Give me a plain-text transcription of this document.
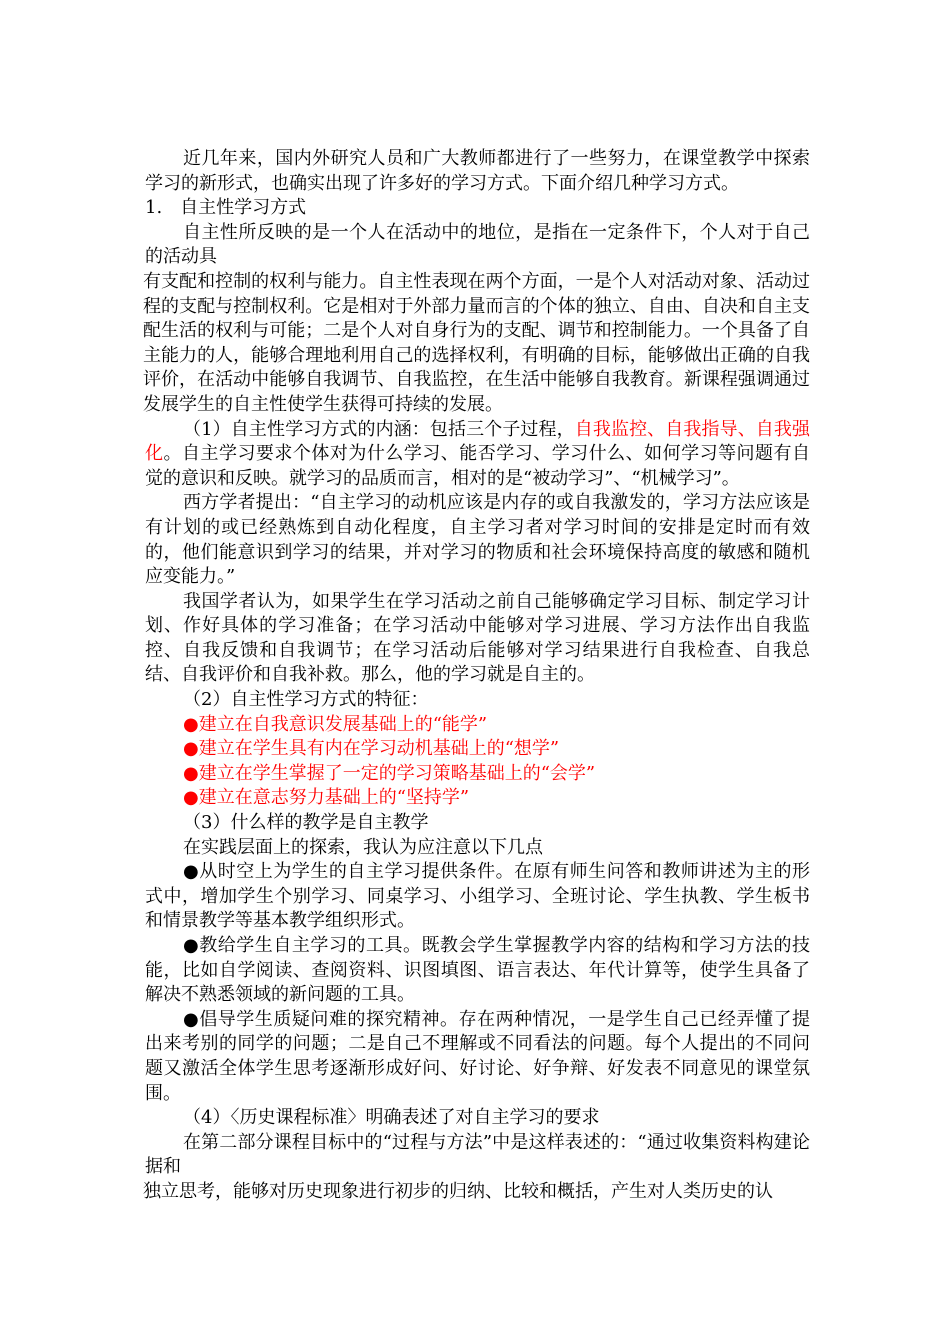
近几年来，国内外研究人员和广大教师都进行了一些努力，在课堂教学中探索学习的新形式，也确实出现了许多好的学习方式。下面介绍几种学习方式。

1.　自主性学习方式

自主性所反映的是一个人在活动中的地位，是指在一定条件下，个人对于自己的活动具

有支配和控制的权利与能力。自主性表现在两个方面，一是个人对活动对象、活动过程的支配与控制权利。它是相对于外部力量而言的个体的独立、自由、自决和自主支配生活的权利与可能；二是个人对自身行为的支配、调节和控制能力。一个具备了自主能力的人，能够合理地利用自己的选择权利，有明确的目标，能够做出正确的自我评价，在活动中能够自我调节、自我监控，在生活中能够自我教育。新课程强调通过发展学生的自主性使学生获得可持续的发展。

（1）自主性学习方式的内涵：包括三个子过程，自我监控、自我指导、自我强化。自主学习要求个体对为什么学习、能否学习、学习什么、如何学习等问题有自觉的意识和反映。就学习的品质而言，相对的是“被动学习”、“机械学习”。

西方学者提出：“自主学习的动机应该是内存的或自我激发的，学习方法应该是有计划的或已经熟炼到自动化程度，自主学习者对学习时间的安排是定时而有效的，他们能意识到学习的结果，并对学习的物质和社会环境保持高度的敏感和随机应变能力。”

我国学者认为，如果学生在学习活动之前自己能够确定学习目标、制定学习计划、作好具体的学习准备；在学习活动中能够对学习进展、学习方法作出自我监控、自我反馈和自我调节；在学习活动后能够对学习结果进行自我检查、自我总结、自我评价和自我补救。那么，他的学习就是自主的。

（2）自主性学习方式的特征：

●建立在自我意识发展基础上的“能学”

●建立在学生具有内在学习动机基础上的“想学”

●建立在学生掌握了一定的学习策略基础上的“会学”

●建立在意志努力基础上的“坚持学”

（3）什么样的教学是自主教学

在实践层面上的探索，我认为应注意以下几点

●从时空上为学生的自主学习提供条件。在原有师生问答和教师讲述为主的形式中，增加学生个别学习、同桌学习、小组学习、全班讨论、学生执教、学生板书和情景教学等基本教学组织形式。

●教给学生自主学习的工具。既教会学生掌握教学内容的结构和学习方法的技能，比如自学阅读、查阅资料、识图填图、语言表达、年代计算等，使学生具备了解决不熟悉领域的新问题的工具。

●倡导学生质疑问难的探究精神。存在两种情况，一是学生自己已经弄懂了提出来考别的同学的问题；二是自己不理解或不同看法的问题。每个人提出的不同问题又激活全体学生思考逐渐形成好问、好讨论、好争辩、好发表不同意见的课堂氛围。

（4）〈历史课程标准〉明确表述了对自主学习的要求

在第二部分课程目标中的“过程与方法”中是这样表述的：“通过收集资料构建论据和

独立思考，能够对历史现象进行初步的归纳、比较和概括，产生对人类历史的认
